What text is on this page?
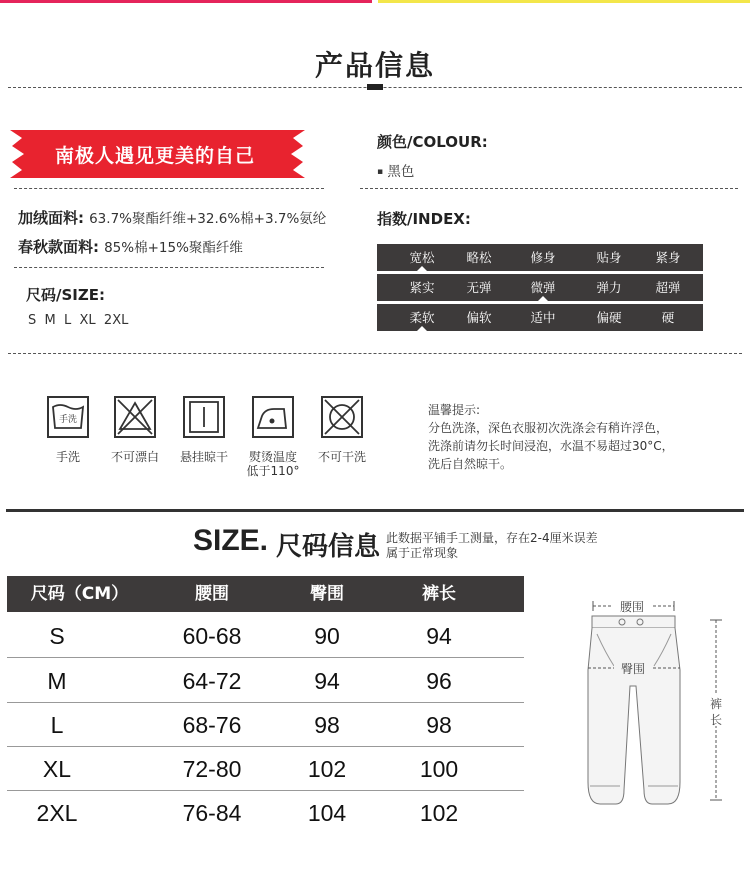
产品信息
南极人遇见更美的自己
加绒面料: 63.7%聚酯纤维+32.6%棉+3.7%氨纶
春秋款面料: 85%棉+15%聚酯纤维
尺码/SIZE:
S  M  L  XL  2XL
颜色/COLOUR:
▪ 黑色
指数/INDEX:
宽松	略松	修身	贴身	紧身
紧实	无弹	微弹	弹力	超弹
柔软	偏软	适中	偏硬	硬
手洗
手洗	不可漂白	悬挂晾干	熨烫温度
低于110°
不可干洗
温馨提示:
分色洗涤，深色衣服初次洗涤会有稍许浮色，
洗涤前请勿长时间浸泡，水温不易超过30°C，
洗后自然晾干。
SIZE. 尺码信息 此数据平铺手工测量，存在2-4厘米误差
属于正常现象
尺码（CM）	腰围	臀围	裤长
S	60-68	90	94
M	64-72	94	96
L	68-76	98	98
XL	72-80	102	100
2XL	76-84	104	102
腰围
臀围
裤长
